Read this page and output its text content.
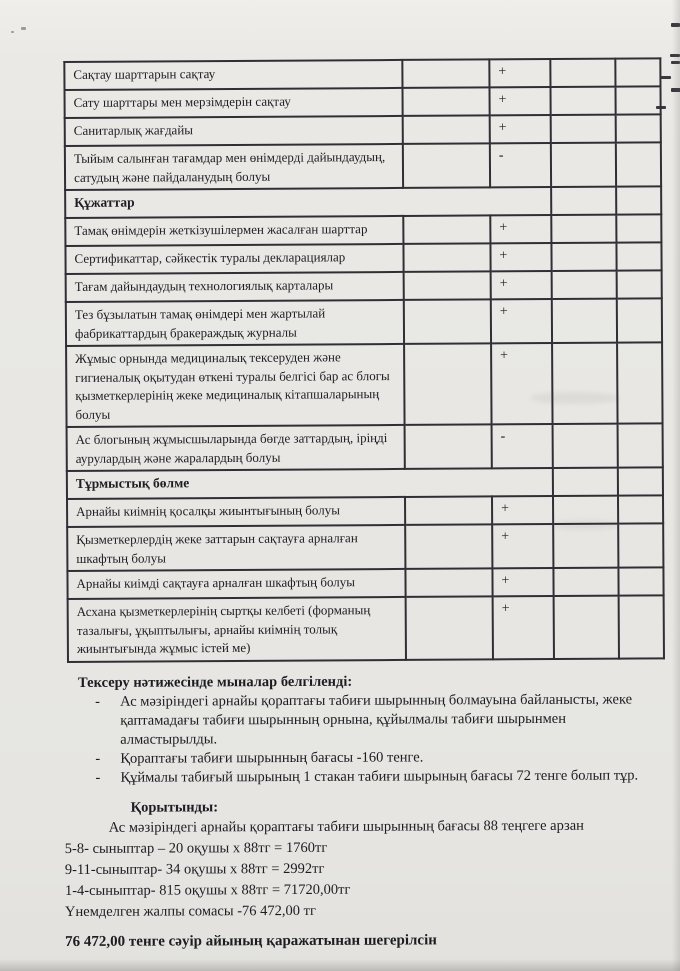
Сақтау шарттарын сақтау		+		
Сату шарттары мен мерзімдерін сақтау		+		
Санитарлық жағдайы		+		
Тыйым салынған тағамдар мен өнімдерді дайындаудың, сатудың және пайдаланудың болуы		-		
Құжаттар				
Тамақ өнімдерін жеткізушілермен жасалған шарттар		+		
Сертификаттар, сәйкестік туралы декларациялар		+		
Тағам дайындаудың технологиялық карталары		+		
Тез бұзылатын тамақ өнімдері мен жартылай фабрикаттардың бракераждық журналы		+		
Жұмыс орнында медициналық тексеруден және гигиеналық оқытудан өткені туралы белгісі бар ас блогы қызметкерлерінің жеке медициналық кітапшаларының болуы		+		
Ас блогының жұмысшыларында бөгде заттардың, іріңді аурулардың және жаралардың болуы		-		
Тұрмыстық бөлме				
Арнайы киімнің қосалқы жиынтығының болуы		+		
Қызметкерлердің жеке заттарын сақтауға арналған шкафтың болуы		+		
Арнайы киімді сақтауға арналған шкафтың болуы		+		
Асхана қызметкерлерінің сыртқы келбеті (форманың тазалығы, ұқыптылығы, арнайы киімнің толық жиынтығында жұмыс істей ме)		+		
Тексеру нәтижесінде мыналар белгіленді:
- Ас мәзіріндегі арнайы қораптағы табиғи шырынның болмауына байланысты, жеке қаптамадағы табиғи шырынның орнына, құйылмалы табиғи шырынмен алмастырылды.
- Қораптағы табиғи шырынның бағасы -160 тенге.
- Құймалы табиғый шырының 1 стакан табиғи шырының бағасы 72 тенге болып тұр.
Қорытынды:
Ас мәзіріндегі арнайы қораптағы табиғи шырынның бағасы 88 теңгеге арзан
5-8- сыныптар – 20 оқушы х 88тг = 1760тг
9-11-сыныптар- 34 оқушы х 88тг = 2992тг
1-4-сыныптар- 815 оқушы х 88тг = 71720,00тг
Үнемделген жалпы сомасы -76 472,00 тг
76 472,00 тенге сәуір айының қаражатынан шегерілсін
